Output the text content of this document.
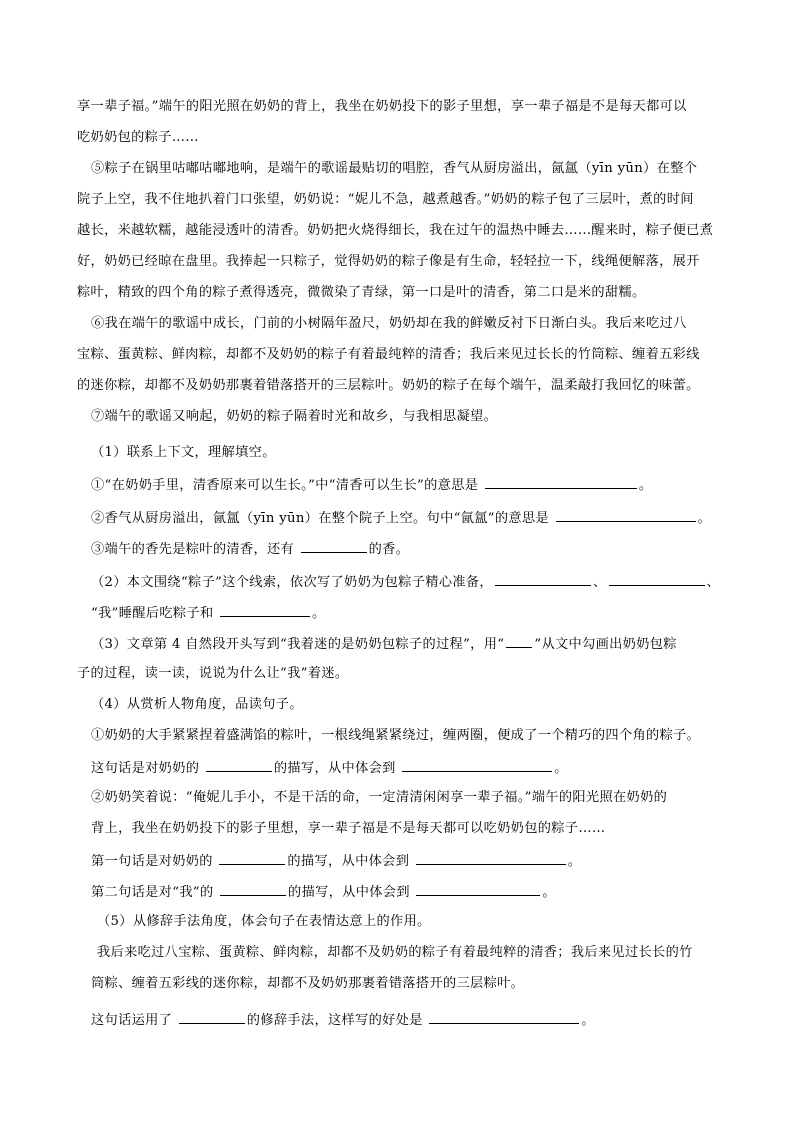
享一辈子福。”端午的阳光照在奶奶的背上，我坐在奶奶投下的影子里想，享一辈子福是不是每天都可以
吃奶奶包的粽子……
⑤粽子在锅里咕嘟咕嘟地响，是端午的歌谣最贴切的唱腔，香气从厨房溢出，氤氲（yīn yūn）在整个
院子上空，我不住地扒着门口张望，奶奶说：“妮儿不急，越煮越香。”奶奶的粽子包了三层叶，煮的时间
越长，米越软糯，越能浸透叶的清香。奶奶把火烧得细长，我在过午的温热中睡去……醒来时，粽子便已煮
好，奶奶已经晾在盘里。我捧起一只粽子，觉得奶奶的粽子像是有生命，轻轻拉一下，线绳便解落，展开
粽叶，精致的四个角的粽子煮得透亮，微微染了青绿，第一口是叶的清香，第二口是米的甜糯。
⑥我在端午的歌谣中成长，门前的小树隔年盈尺，奶奶却在我的鲜嫩反衬下日渐白头。我后来吃过八
宝粽、蛋黄粽、鲜肉粽，却都不及奶奶的粽子有着最纯粹的清香；我后来见过长长的竹筒粽、缠着五彩线
的迷你粽，却都不及奶奶那裹着错落搭开的三层粽叶。奶奶的粽子在每个端午，温柔敲打我回忆的味蕾。
⑦端午的歌谣又响起，奶奶的粽子隔着时光和故乡，与我相思凝望。
（1）联系上下文，理解填空。
①“在奶奶手里，清香原来可以生长。”中“清香可以生长”的意思是	。
②香气从厨房溢出，氤氲（yīn yūn）在整个院子上空。句中“氤氲”的意思是	。
③端午的香先是粽叶的清香，还有	的香。
（2）本文围绕“粽子”这个线索，依次写了奶奶为包粽子精心准备，	、	、
“我”睡醒后吃粽子和	。
（3）文章第 4 自然段开头写到“我着迷的是奶奶包粽子的过程”，用“ ”从文中勾画出奶奶包粽
子的过程，读一读，说说为什么让“我”着迷。
（4）从赏析人物角度，品读句子。
①奶奶的大手紧紧捏着盛满馅的粽叶，一根线绳紧紧绕过，缠两圈，便成了一个精巧的四个角的粽子。
这句话是对奶奶的	的描写，从中体会到	。
②奶奶笑着说：“俺妮儿手小，不是干活的命，一定清清闲闲享一辈子福。”端午的阳光照在奶奶的
背上，我坐在奶奶投下的影子里想，享一辈子福是不是每天都可以吃奶奶包的粽子……
第一句话是对奶奶的	的描写，从中体会到	。
第二句话是对“我”的	的描写，从中体会到	。
（5）从修辞手法角度，体会句子在表情达意上的作用。
我后来吃过八宝粽、蛋黄粽、鲜肉粽，却都不及奶奶的粽子有着最纯粹的清香；我后来见过长长的竹
筒粽、缠着五彩线的迷你粽，却都不及奶奶那裹着错落搭开的三层粽叶。
这句话运用了	的修辞手法，这样写的好处是	。
